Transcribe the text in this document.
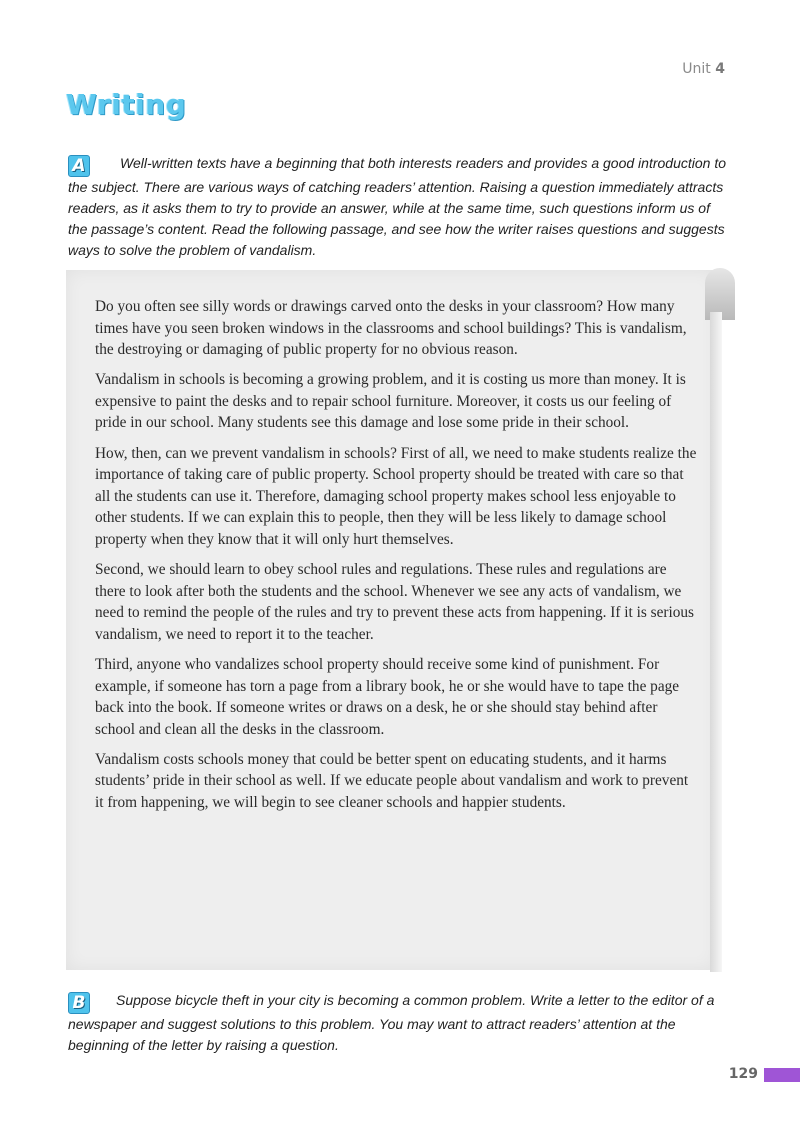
Unit 4
Writing
A Well-written texts have a beginning that both interests readers and provides a good introduction to the subject. There are various ways of catching readers’ attention. Raising a question immediately attracts readers, as it asks them to try to provide an answer, while at the same time, such questions inform us of the passage’s content. Read the following passage, and see how the writer raises questions and suggests ways to solve the problem of vandalism.

Do you often see silly words or drawings carved onto the desks in your classroom? How many times have you seen broken windows in the classrooms and school buildings? This is vandalism, the destroying or damaging of public property for no obvious reason.

Vandalism in schools is becoming a growing problem, and it is costing us more than money. It is expensive to paint the desks and to repair school furniture. Moreover, it costs us our feeling of pride in our school. Many students see this damage and lose some pride in their school.

How, then, can we prevent vandalism in schools? First of all, we need to make students realize the importance of taking care of public property. School property should be treated with care so that all the students can use it. Therefore, damaging school property makes school less enjoyable to other students. If we can explain this to people, then they will be less likely to damage school property when they know that it will only hurt themselves.

Second, we should learn to obey school rules and regulations. These rules and regulations are there to look after both the students and the school. Whenever we see any acts of vandalism, we need to remind the people of the rules and try to prevent these acts from happening. If it is serious vandalism, we need to report it to the teacher.

Third, anyone who vandalizes school property should receive some kind of punishment. For example, if someone has torn a page from a library book, he or she would have to tape the page back into the book. If someone writes or draws on a desk, he or she should stay behind after school and clean all the desks in the classroom.

Vandalism costs schools money that could be better spent on educating students, and it harms students’ pride in their school as well. If we educate people about vandalism and work to prevent it from happening, we will begin to see cleaner schools and happier students.

B Suppose bicycle theft in your city is becoming a common problem. Write a letter to the editor of a newspaper and suggest solutions to this problem. You may want to attract readers’ attention at the beginning of the letter by raising a question.
129
